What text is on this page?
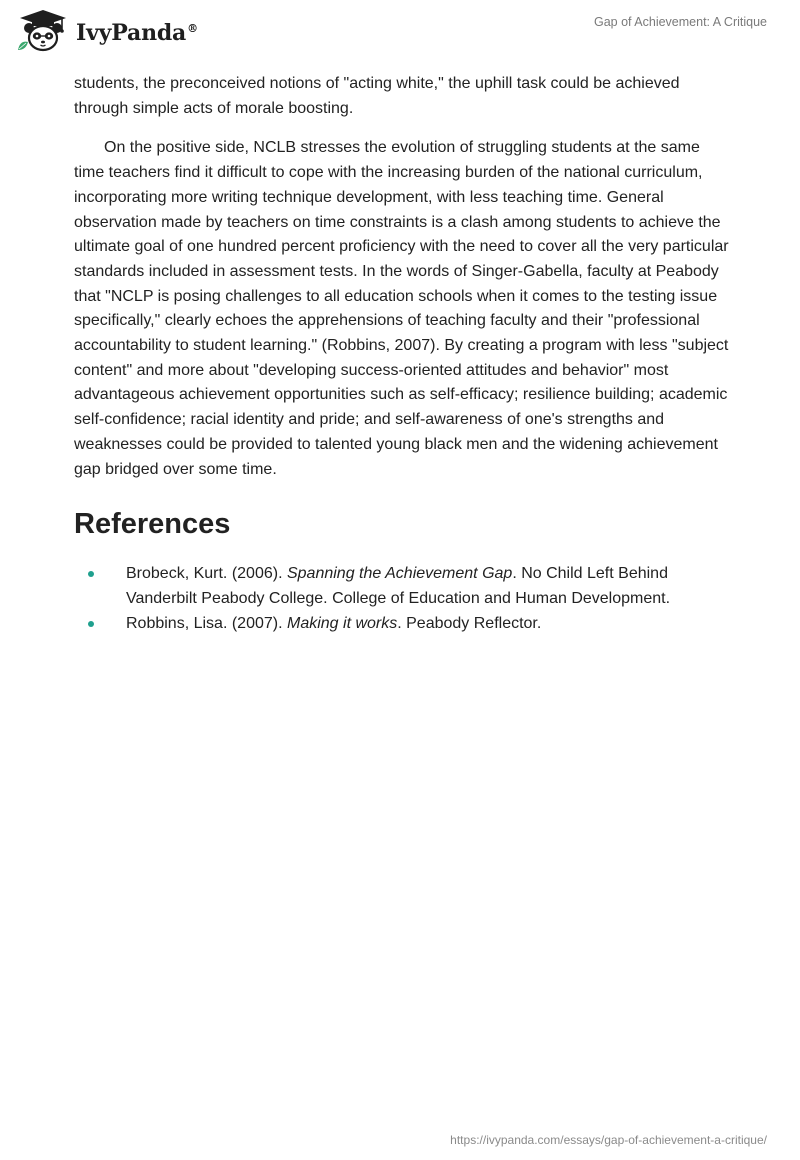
IvyPanda®	Gap of Achievement: A Critique

students, the preconceived notions of "acting white," the uphill task could be achieved through simple acts of morale boosting.

On the positive side, NCLB stresses the evolution of struggling students at the same time teachers find it difficult to cope with the increasing burden of the national curriculum, incorporating more writing technique development, with less teaching time. General observation made by teachers on time constraints is a clash among students to achieve the ultimate goal of one hundred percent proficiency with the need to cover all the very particular standards included in assessment tests. In the words of Singer-Gabella, faculty at Peabody that "NCLP is posing challenges to all education schools when it comes to the testing issue specifically," clearly echoes the apprehensions of teaching faculty and their "professional accountability to student learning." (Robbins, 2007). By creating a program with less "subject content" and more about "developing success-oriented attitudes and behavior" most advantageous achievement opportunities such as self-efficacy; resilience building; academic self-confidence; racial identity and pride; and self-awareness of one's strengths and weaknesses could be provided to talented young black men and the widening achievement gap bridged over some time.

References
Brobeck, Kurt. (2006). Spanning the Achievement Gap. No Child Left Behind Vanderbilt Peabody College. College of Education and Human Development.
Robbins, Lisa. (2007). Making it works. Peabody Reflector.
https://ivypanda.com/essays/gap-of-achievement-a-critique/
